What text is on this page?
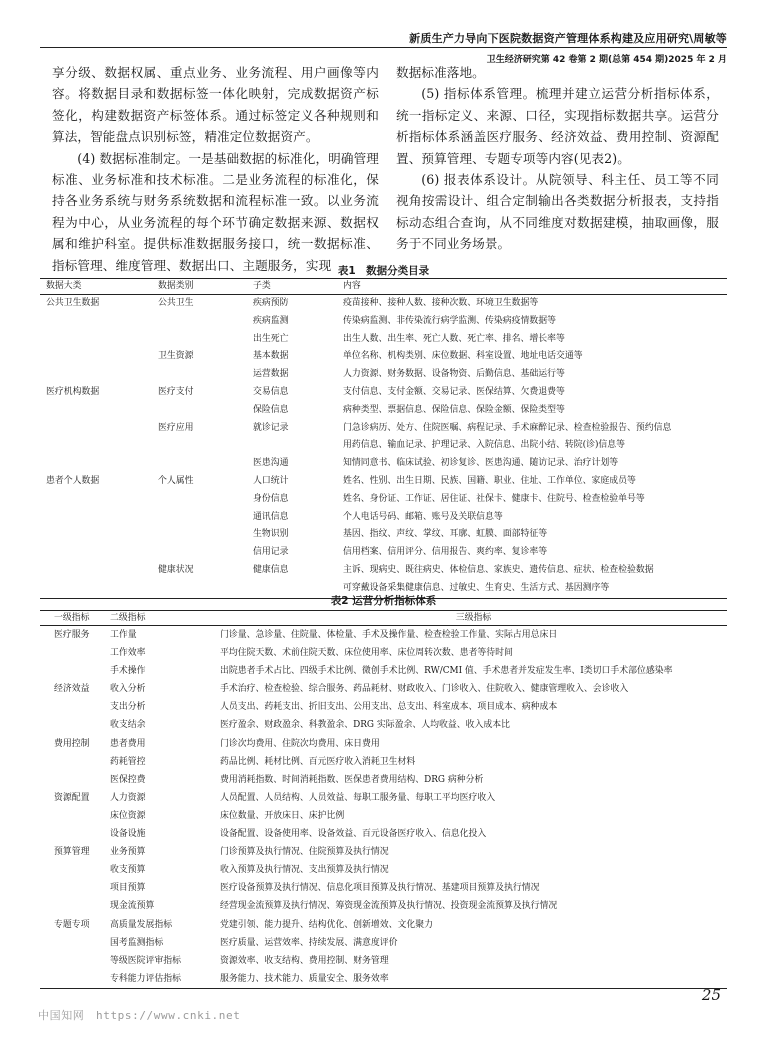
新质生产力导向下医院数据资产管理体系构建及应用研究\周敏等
卫生经济研究第 42 卷第 2 期(总第 454 期)2025 年 2 月

享分级、数据权属、重点业务、业务流程、用户画像等内容。将数据目录和数据标签一体化映射，完成数据资产标签化，构建数据资产标签体系。通过标签定义各种规则和算法，智能盘点识别标签，精准定位数据资产。

(4) 数据标准制定。一是基础数据的标准化，明确管理标准、业务标准和技术标准。二是业务流程的标准化，保持各业务系统与财务系统数据和流程标准一致。以业务流程为中心，从业务流程的每个环节确定数据来源、数据权属和维护科室。提供标准数据服务接口，统一数据标准、指标管理、维度管理、数据出口、主题服务，实现

数据标准落地。

(5) 指标体系管理。梳理并建立运营分析指标体系，统一指标定义、来源、口径，实现指标数据共享。运营分析指标体系涵盖医疗服务、经济效益、费用控制、资源配置、预算管理、专题专项等内容(见表2)。

(6) 报表体系设计。从院领导、科主任、员工等不同视角按需设计、组合定制输出各类数据分析报表，支持指标动态组合查询，从不同维度对数据建模，抽取画像，服务于不同业务场景。

表1　数据分类目录
数据大类	数据类别	子类	内容
公共卫生数据	公共卫生	疾病预防	疫苗接种、接种人数、接种次数、环境卫生数据等
		疾病监测	传染病监测、非传染流行病学监测、传染病疫情数据等
		出生死亡	出生人数、出生率、死亡人数、死亡率、排名、增长率等
	卫生资源	基本数据	单位名称、机构类别、床位数据、科室设置、地址电话交通等
		运营数据	人力资源、财务数据、设备物资、后勤信息、基础运行等
医疗机构数据	医疗支付	交易信息	支付信息、支付金额、交易记录、医保结算、欠费退费等
		保险信息	病种类型、票据信息、保险信息、保险金额、保险类型等
	医疗应用	就诊记录	门急诊病历、处方、住院医嘱、病程记录、手术麻醉记录、检查检验报告、预约信息
			用药信息、输血记录、护理记录、入院信息、出院小结、转院(诊)信息等
		医患沟通	知情同意书、临床试验、初诊复诊、医患沟通、随访记录、治疗计划等
患者个人数据	个人属性	人口统计	姓名、性别、出生日期、民族、国籍、职业、住址、工作单位、家庭成员等
		身份信息	姓名、身份证、工作证、居住证、社保卡、健康卡、住院号、检查检验单号等
		通讯信息	个人电话号码、邮箱、账号及关联信息等
		生物识别	基因、指纹、声纹、掌纹、耳廓、虹膜、面部特征等
		信用记录	信用档案、信用评分、信用报告、爽约率、复诊率等
	健康状况	健康信息	主诉、现病史、既往病史、体检信息、家族史、遗传信息、症状、检查检验数据
			可穿戴设备采集健康信息、过敏史、生育史、生活方式、基因测序等
表2 运营分析指标体系
一级指标	二级指标	三级指标
医疗服务	工作量	门诊量、急诊量、住院量、体检量、手术及操作量、检查检验工作量、实际占用总床日
	工作效率	平均住院天数、术前住院天数、床位使用率、床位周转次数、患者等待时间
	手术操作	出院患者手术占比、四级手术比例、微创手术比例、RW/CMI 值、手术患者并发症发生率、Ⅰ类切口手术部位感染率
经济效益	收入分析	手术治疗、检查检验、综合服务、药品耗材、财政收入、门诊收入、住院收入、健康管理收入、会诊收入
	支出分析	人员支出、药耗支出、折旧支出、公用支出、总支出、科室成本、项目成本、病种成本
	收支结余	医疗盈余、财政盈余、科教盈余、DRG 实际盈余、人均收益、收入成本比
费用控制	患者费用	门诊次均费用、住院次均费用、床日费用
	药耗管控	药品比例、耗材比例、百元医疗收入消耗卫生材料
	医保控费	费用消耗指数、时间消耗指数、医保患者费用结构、DRG 病种分析
资源配置	人力资源	人员配置、人员结构、人员效益、每职工服务量、每职工平均医疗收入
	床位资源	床位数量、开放床日、床护比例
	设备设施	设备配置、设备使用率、设备效益、百元设备医疗收入、信息化投入
预算管理	业务预算	门诊预算及执行情况、住院预算及执行情况
	收支预算	收入预算及执行情况、支出预算及执行情况
	项目预算	医疗设备预算及执行情况、信息化项目预算及执行情况、基建项目预算及执行情况
	现金流预算	经营现金流预算及执行情况、筹资现金流预算及执行情况、投资现金流预算及执行情况
专题专项	高质量发展指标	党建引领、能力提升、结构优化、创新增效、文化聚力
	国考监测指标	医疗质量、运营效率、持续发展、满意度评价
	等级医院评审指标	资源效率、收支结构、费用控制、财务管理
	专科能力评估指标	服务能力、技术能力、质量安全、服务效率
25
中国知网　https://www.cnki.net
